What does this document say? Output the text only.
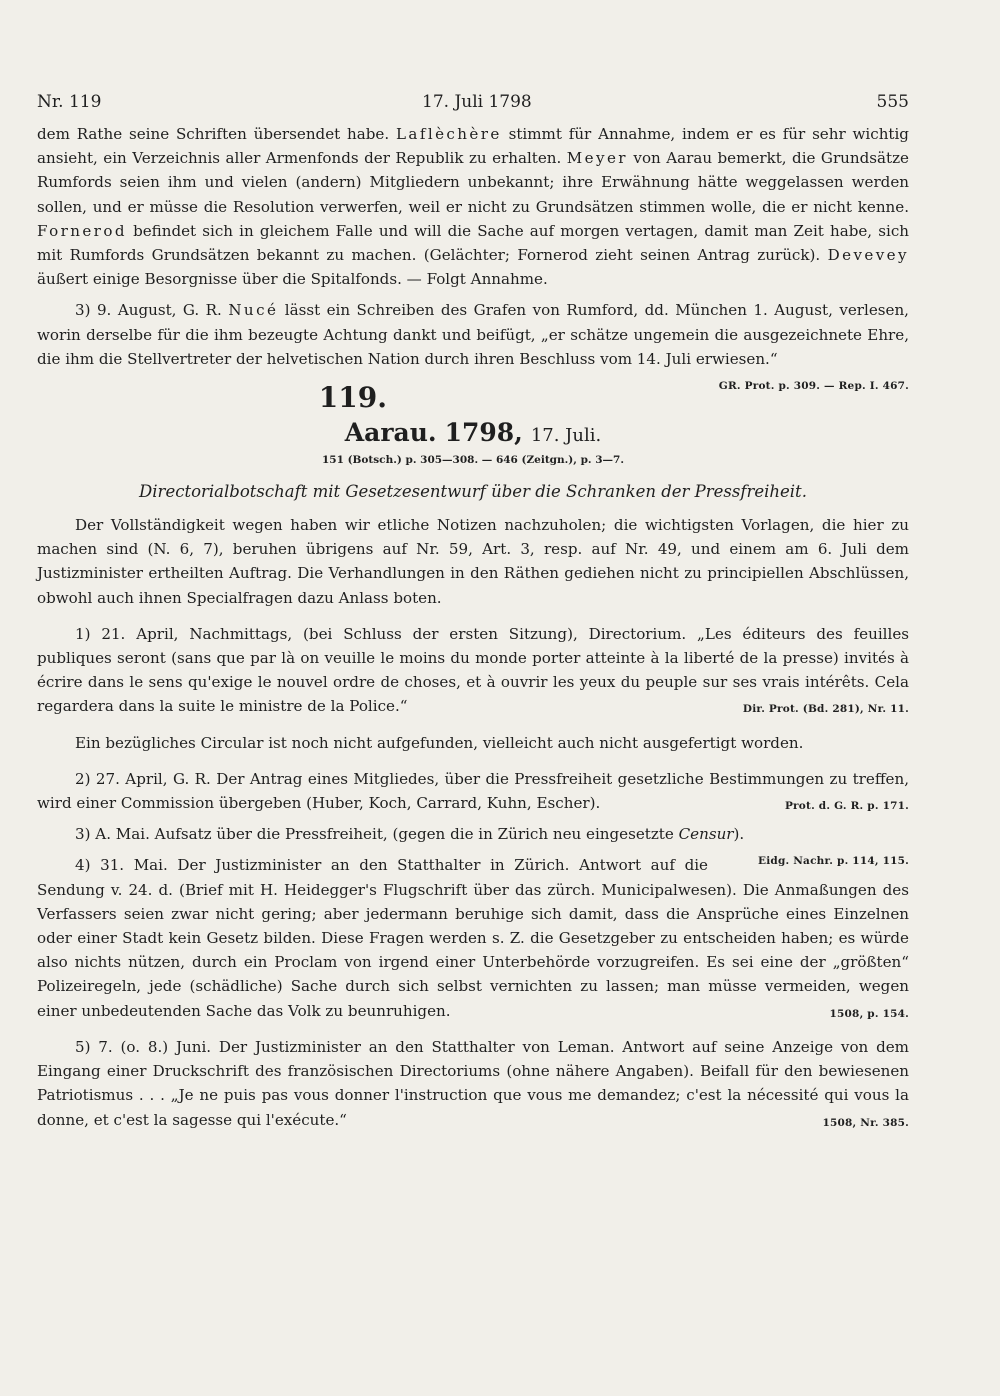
Nr. 119	17. Juli 1798	555

dem Rathe seine Schriften übersendet habe. Laflèchère stimmt für Annahme, indem er es für sehr wichtig ansieht, ein Verzeichnis aller Armenfonds der Republik zu erhalten. Meyer von Aarau bemerkt, die Grundsätze Rumfords seien ihm und vielen (andern) Mitgliedern unbekannt; ihre Erwähnung hätte weggelassen werden sollen, und er müsse die Resolution verwerfen, weil er nicht zu Grundsätzen stimmen wolle, die er nicht kenne. Fornerod befindet sich in gleichem Falle und will die Sache auf morgen vertagen, damit man Zeit habe, sich mit Rumfords Grundsätzen bekannt zu machen. (Gelächter; Fornerod zieht seinen Antrag zurück). Devevey äußert einige Besorgnisse über die Spitalfonds. — Folgt Annahme.

3) 9. August, G. R. Nucé lässt ein Schreiben des Grafen von Rumford, dd. München 1. August, verlesen, worin derselbe für die ihm bezeugte Achtung dankt und beifügt, „er schätze ungemein die ausgezeichnete Ehre, die ihm die Stellvertreter der helvetischen Nation durch ihren Beschluss vom 14. Juli erwiesen.“
GR. Prot. p. 309. — Rep. I. 467.

119.
Aarau. 1798, 17. Juli.
151 (Botsch.) p. 305—308. — 646 (Zeitgn.), p. 3—7.
Directorialbotschaft mit Gesetzesentwurf über die Schranken der Pressfreiheit.

Der Vollständigkeit wegen haben wir etliche Notizen nachzuholen; die wichtigsten Vorlagen, die hier zu machen sind (N. 6, 7), beruhen übrigens auf Nr. 59, Art. 3, resp. auf Nr. 49, und einem am 6. Juli dem Justizminister ertheilten Auftrag. Die Verhandlungen in den Räthen gediehen nicht zu principiellen Abschlüssen, obwohl auch ihnen Specialfragen dazu Anlass boten.

1) 21. April, Nachmittags, (bei Schluss der ersten Sitzung), Directorium. „Les éditeurs des feuilles publiques seront (sans que par là on veuille le moins du monde porter atteinte à la liberté de la presse) invités à écrire dans le sens qu'exige le nouvel ordre de choses, et à ouvrir les yeux du peuple sur ses vrais intérêts. Cela regardera dans la suite le ministre de la Police.“	Dir. Prot. (Bd. 281), Nr. 11.

Ein bezügliches Circular ist noch nicht aufgefunden, vielleicht auch nicht ausgefertigt worden.

2) 27. April, G. R. Der Antrag eines Mitgliedes, über die Pressfreiheit gesetzliche Bestimmungen zu treffen, wird einer Commission übergeben (Huber, Koch, Carrard, Kuhn, Escher).	Prot. d. G. R. p. 171.

3) A. Mai. Aufsatz über die Pressfreiheit, (gegen die in Zürich neu eingesetzte Censur).
Eidg. Nachr. p. 114, 115.

4) 31. Mai. Der Justizminister an den Statthalter in Zürich. Antwort auf die Sendung v. 24. d. (Brief mit H. Heidegger's Flugschrift über das zürch. Municipalwesen). Die Anmaßungen des Verfassers seien zwar nicht gering; aber jedermann beruhige sich damit, dass die Ansprüche eines Einzelnen oder einer Stadt kein Gesetz bilden. Diese Fragen werden s. Z. die Gesetzgeber zu entscheiden haben; es würde also nichts nützen, durch ein Proclam von irgend einer Unterbehörde vorzugreifen. Es sei eine der „größten“ Polizeiregeln, jede (schädliche) Sache durch sich selbst vernichten zu lassen; man müsse vermeiden, wegen einer unbedeutenden Sache das Volk zu beunruhigen.	1508, p. 154.

5) 7. (o. 8.) Juni. Der Justizminister an den Statthalter von Leman. Antwort auf seine Anzeige von dem Eingang einer Druckschrift des französischen Directoriums (ohne nähere Angaben). Beifall für den bewiesenen Patriotismus . . . „Je ne puis pas vous donner l'instruction que vous me demandez; c'est la nécessité qui vous la donne, et c'est la sagesse qui l'exécute.“	1508, Nr. 385.
